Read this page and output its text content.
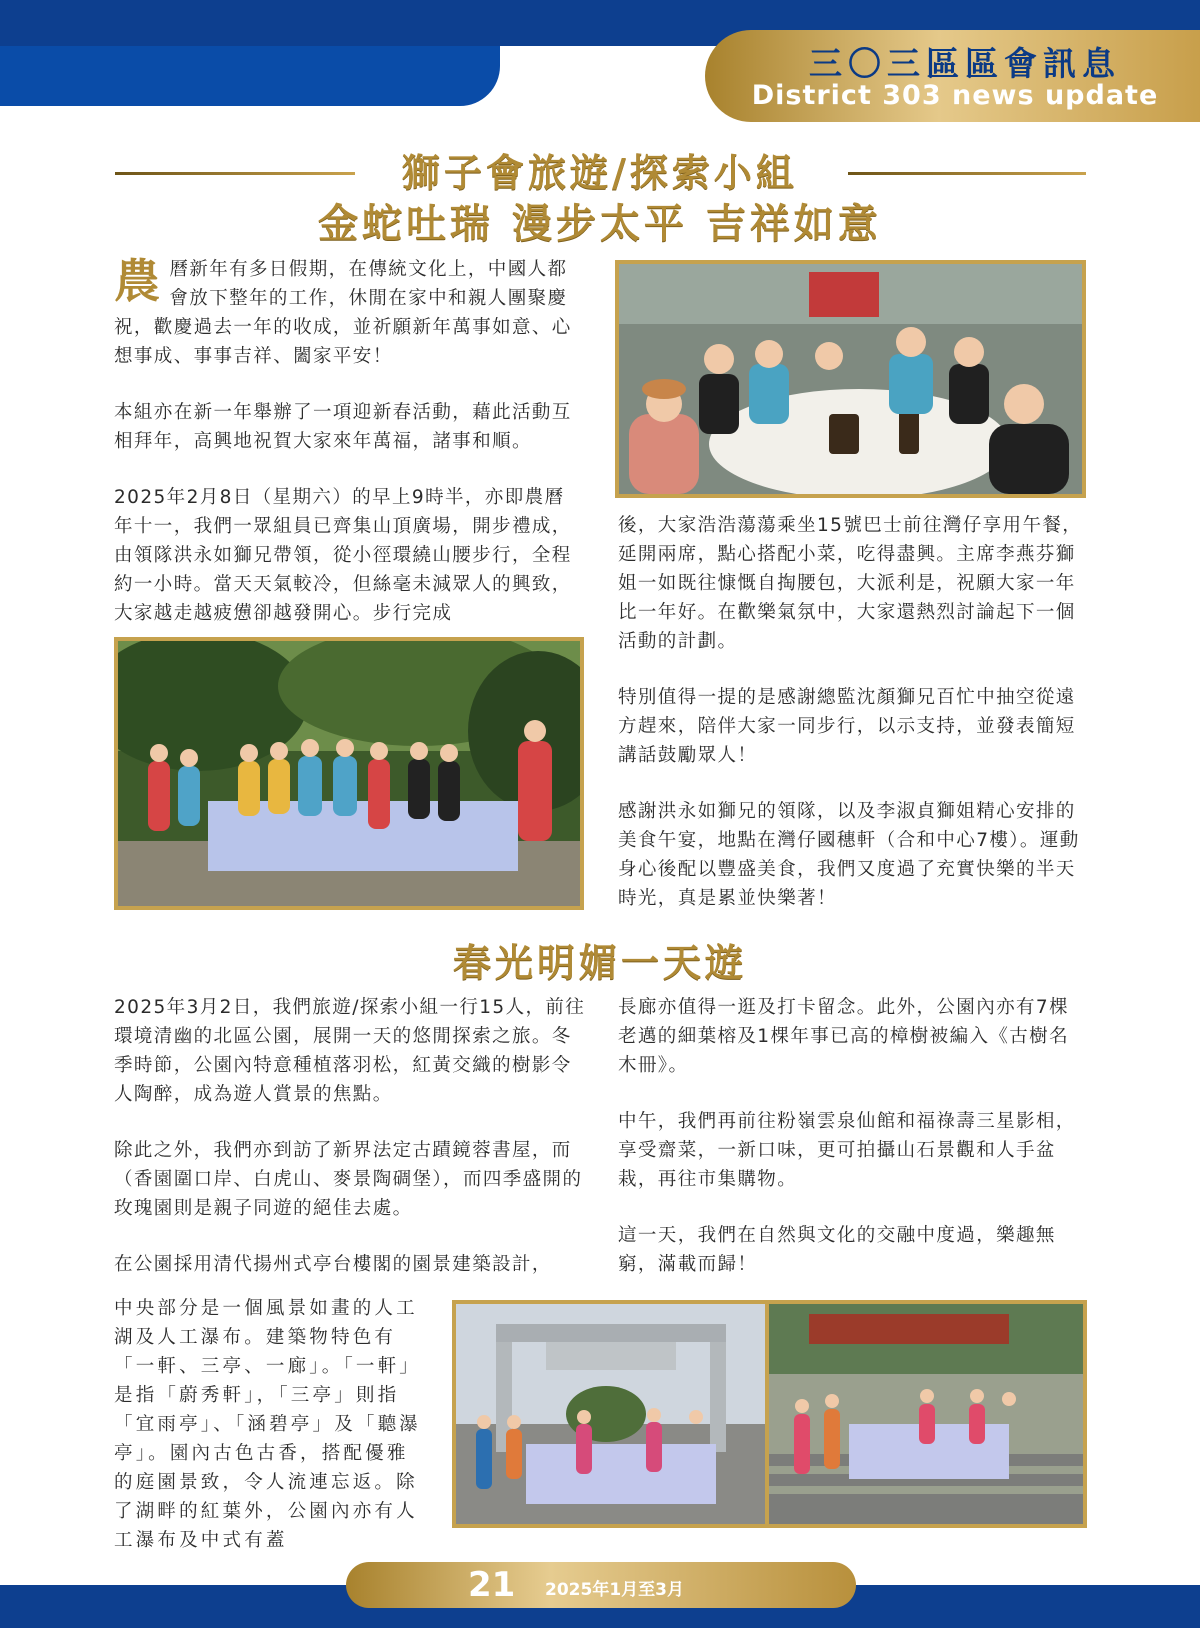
三〇三區區會訊息
District 303 news update
獅子會旅遊/探索小組
金蛇吐瑞 漫步太平 吉祥如意

農曆新年有多日假期，在傳統文化上，中國人都會放下整年的工作，休閒在家中和親人團聚慶祝，歡慶過去一年的收成，並祈願新年萬事如意、心想事成、事事吉祥、闔家平安！

本組亦在新一年舉辦了一項迎新春活動，藉此活動互相拜年，高興地祝賀大家來年萬福，諸事和順。

2025年2月8日（星期六）的早上9時半，亦即農曆年十一，我們一眾組員已齊集山頂廣場，開步禮成，由領隊洪永如獅兄帶領，從小徑環繞山腰步行，全程約一小時。當天天氣較冷，但絲毫未減眾人的興致，大家越走越疲憊卻越發開心。步行完成

後，大家浩浩蕩蕩乘坐15號巴士前往灣仔享用午餐，延開兩席，點心搭配小菜，吃得盡興。主席李燕芬獅姐一如既往慷慨自掏腰包，大派利是，祝願大家一年比一年好。在歡樂氣氛中，大家還熱烈討論起下一個活動的計劃。

特別值得一提的是感謝總監沈顏獅兄百忙中抽空從遠方趕來，陪伴大家一同步行，以示支持，並發表簡短講話鼓勵眾人！

感謝洪永如獅兄的領隊，以及李淑貞獅姐精心安排的美食午宴，地點在灣仔國穗軒（合和中心7樓）。運動身心後配以豐盛美食，我們又度過了充實快樂的半天時光，真是累並快樂著！

春光明媚一天遊

2025年3月2日，我們旅遊/探索小組一行15人，前往環境清幽的北區公園，展開一天的悠閒探索之旅。冬季時節，公園內特意種植落羽松，紅黃交織的樹影令人陶醉，成為遊人賞景的焦點。

除此之外，我們亦到訪了新界法定古蹟鏡蓉書屋，而（香園圍口岸、白虎山、麥景陶碉堡），而四季盛開的玫瑰園則是親子同遊的絕佳去處。

在公園採用清代揚州式亭台樓閣的園景建築設計，

中央部分是一個風景如畫的人工湖及人工瀑布。建築物特色有「一軒、三亭、一廊」。「一軒」是指「蔚秀軒」，「三亭」則指「宜雨亭」、「涵碧亭」及「聽瀑亭」。園內古色古香，搭配優雅的庭園景致，令人流連忘返。除了湖畔的紅葉外，公園內亦有人工瀑布及中式有蓋

長廊亦值得一逛及打卡留念。此外，公園內亦有7棵老邁的細葉榕及1棵年事已高的樟樹被編入《古樹名木冊》。

中午，我們再前往粉嶺雲泉仙館和福祿壽三星影相，享受齋菜，一新口味，更可拍攝山石景觀和人手盆栽，再往市集購物。

這一天，我們在自然與文化的交融中度過，樂趣無窮，滿載而歸！

21 2025年1月至3月
